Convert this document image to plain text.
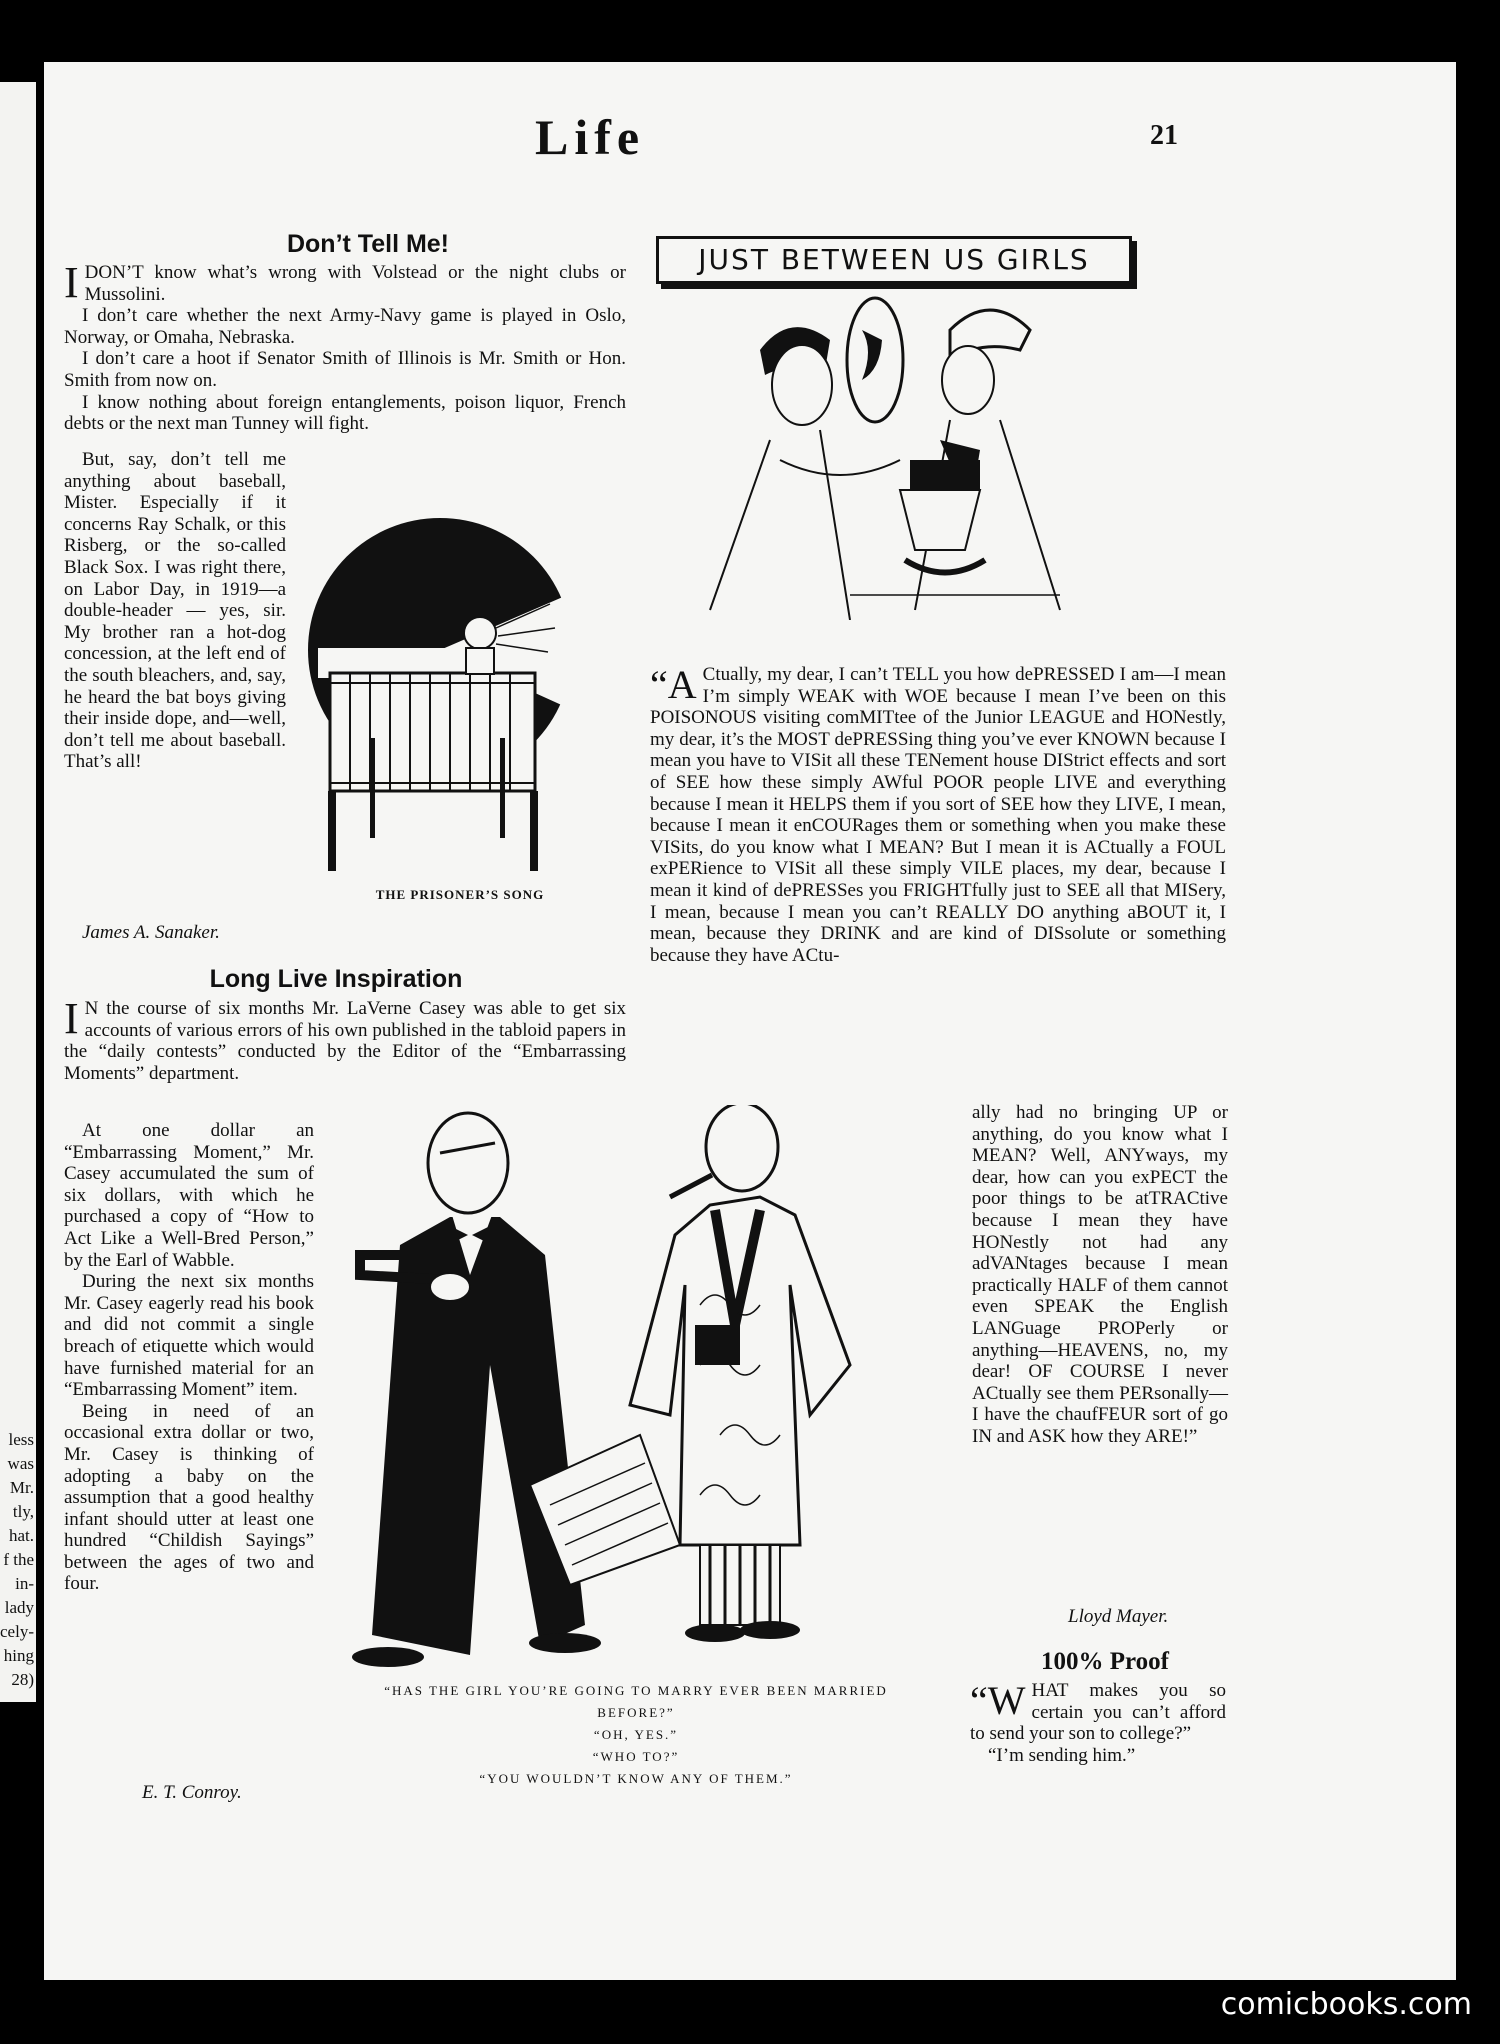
less
was
Mr.
tly,
hat.
f the
in-
lady
cely-
hing
28)
Life	21
Don’t Tell Me!
I DON’T know what’s wrong with Volstead or the night clubs or Mussolini.

I don’t care whether the next Army-Navy game is played in Oslo, Norway, or Omaha, Nebraska.

I don’t care a hoot if Senator Smith of Illinois is Mr. Smith or Hon. Smith from now on.

I know nothing about foreign entanglements, poison liquor, French debts or the next man Tunney will fight.

But, say, don’t tell me anything about baseball, Mister. Especially if it concerns Ray Schalk, or this Risberg, or the so-called Black Sox. I was right there, on Labor Day, in 1919—a double-header — yes, sir. My brother ran a hot-dog concession, at the left end of the south bleachers, and, say, he heard the bat boys giving their inside dope, and—well, don’t tell me about baseball. That’s all!

James A. Sanaker.
THE PRISONER’S SONG
Long Live Inspiration
I N the course of six months Mr. LaVerne Casey was able to get six accounts of various errors of his own published in the tabloid papers in the “daily contests” conducted by the Editor of the “Embarrassing Moments” department.

At one dollar an “Embarrassing Moment,” Mr. Casey accumulated the sum of six dollars, with which he purchased a copy of “How to Act Like a Well-Bred Person,” by the Earl of Wabble.

During the next six months Mr. Casey eagerly read his book and did not commit a single breach of etiquette which would have furnished material for an “Embarrassing Moment” item.

Being in need of an occasional extra dollar or two, Mr. Casey is thinking of adopting a baby on the assumption that a good healthy infant should utter at least one hundred “Childish Sayings” between the ages of two and four.

E. T. Conroy.
“HAS THE GIRL YOU’RE GOING TO MARRY EVER BEEN MARRIED BEFORE?”
“OH, YES.”
“WHO TO?”
“YOU WOULDN’T KNOW ANY OF THEM.”
JUST BETWEEN US GIRLS
“A Ctually, my dear, I can’t TELL you how dePRESSED I am—I mean I’m simply WEAK with WOE because I mean I’ve been on this POISONOUS visiting comMITtee of the Junior LEAGUE and HONestly, my dear, it’s the MOST dePRESSing thing you’ve ever KNOWN because I mean you have to VISit all these TENement house DIStrict effects and sort of SEE how these simply AWful POOR people LIVE and everything because I mean it HELPS them if you sort of SEE how they LIVE, I mean, because I mean it enCOURages them or something when you make these VISits, do you know what I MEAN? But I mean it is ACtually a FOUL exPERience to VISit all these simply VILE places, my dear, because I mean it kind of dePRESSes you FRIGHTfully just to SEE all that MISery, I mean, because I mean you can’t REALLY DO anything aBOUT it, I mean, because they DRINK and are kind of DISsolute or something because they have ACtu-

ally had no bringing UP or anything, do you know what I MEAN? Well, ANYways, my dear, how can you exPECT the poor things to be atTRACtive because I mean they have HONestly not had any adVANtages because I mean practically HALF of them cannot even SPEAK the English LANGuage PROPerly or anything—HEAVENS, no, my dear! OF COURSE I never ACtually see them PERsonally—I have the chaufFEUR sort of go IN and ASK how they ARE!”

Lloyd Mayer.
100% Proof
“W HAT makes you so certain you can’t afford to send your son to college?”

“I’m sending him.”

comicbooks.com
